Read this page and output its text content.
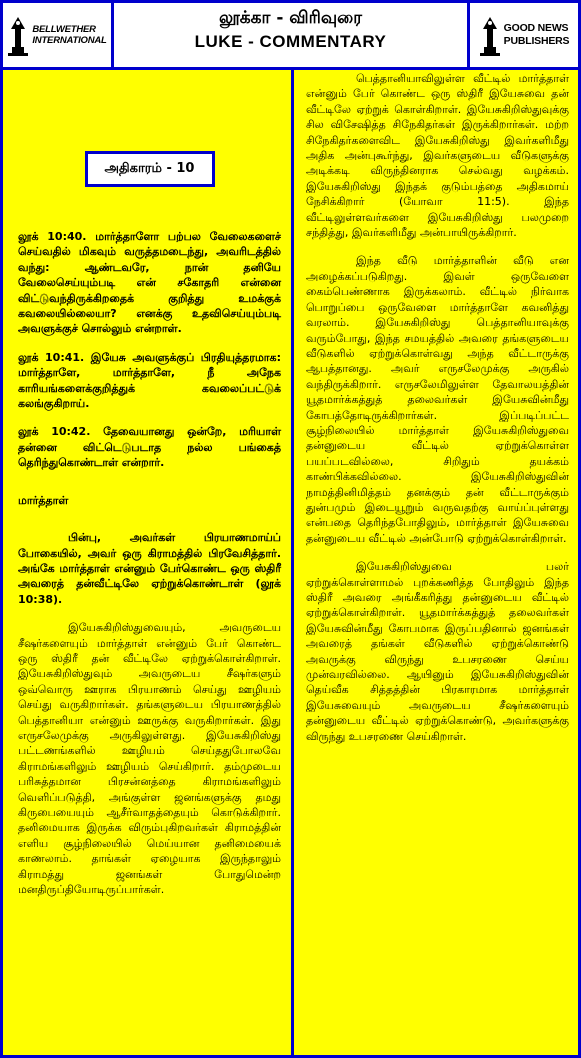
BELLWETHER
INTERNATIONAL
லூக்கா - விரிவுரை
LUKE - COMMENTARY
GOOD NEWS
PUBLISHERS
அதிகாரம் - 10

லூக் 10:40. மார்த்தாளோ பற்பல வேலைகளைச் செய்வதில் மிகவும் வருத்தமடைந்து, அவரிடத்தில் வந்து: ஆண்டவரே, நான் தனியே வேலைசெய்யும்படி என் சகோதரி என்னை விட்டுவந்திருக்கிறதைக் குறித்து உமக்குக் கவலையில்லையா? எனக்கு உதவிசெய்யும்படி அவளுக்குச் சொல்லும் என்றாள்.

லூக் 10:41. இயேசு அவளுக்குப் பிரதியுத்தரமாக: மார்த்தாளே, மார்த்தாளே, நீ அநேக காரியங்களைக்குறித்துக் கவலைப்பட்டுக் கலங்குகிறாய்.

லூக் 10:42. தேவையானது ஒன்றே, மரியாள் தன்னை விட்டெடுபடாத நல்ல பங்கைத் தெரிந்துகொண்டாள் என்றார்.

மார்த்தாள்

பின்பு, அவர்கள் பிரயாணமாய்ப் போகையில், அவர் ஒரு கிராமத்தில் பிரவேசித்தார். அங்கே மார்த்தாள் என்னும் பேர்கொண்ட ஒரு ஸ்திரீ அவரைத் தன்வீட்டிலே ஏற்றுக்கொண்டாள் (லூக் 10:38).

இயேசுகிறிஸ்துவையும், அவருடைய சீஷர்களையும் மார்த்தாள் என்னும் பேர் கொண்ட ஒரு ஸ்திரீ தன் வீட்டிலே ஏற்றுக்கொள்கிறாள். இயேசுகிறிஸ்துவும் அவருடைய சீஷர்களும் ஒவ்வொரு ஊராக பிரயாணம் செய்து ஊழியம் செய்து வருகிறார்கள். தங்களுடைய பிரயாணத்தில் பெத்தானியா என்னும் ஊருக்கு வருகிறார்கள். இது எருசலேமுக்கு அருகிலுள்ளது. இயேசுகிறிஸ்து பட்டணங்களில் ஊழியம் செய்ததுபோலவே கிராமங்களிலும் ஊழியம் செய்கிறார். தம்முடைய பரிசுத்தமான பிரசன்னத்தை கிராமங்களிலும் வெளிப்படுத்தி, அங்குள்ள ஜனங்களுக்கு தமது கிருபையையும் ஆசீர்வாதத்தையும் கொடுக்கிறார். தனிமையாக இருக்க விரும்புகிறவர்கள் கிராமத்தின் எளிய சூழ்நிலையில் மெய்யான தனிமையைக் காணலாம். தாங்கள் ஏழையாக இருந்தாலும் கிராமத்து ஜனங்கள் போதுமென்ற மனதிருப்தியோடிருப்பார்கள்.

பெத்தானியாவிலுள்ள வீட்டில் மார்த்தாள் என்னும் பேர் கொண்ட ஒரு ஸ்திரீ இயேசுவை தன் வீட்டிலே ஏற்றுக் கொள்கிறாள். இயேசுகிறிஸ்துவுக்கு சில விசேஷித்த சிநேகிதர்கள் இருக்கிறார்கள். மற்ற சிநேகிதர்களைவிட இயேசுகிறிஸ்து இவர்களிமீது அதிக அன்புகூர்ந்து, இவர்களுடைய வீடுகளுக்கு அடிக்கடி விருந்தினராக செல்வது வழக்கம். இயேசுகிறிஸ்து இந்தக் குடும்பத்தை அதிகமாய் நேசிக்கிறார் (யோவா 11:5). இந்த வீட்டிலுள்ளவர்களை இயேசுகிறிஸ்து பலமுறை சந்தித்து, இவர்களிமீது அன்பாயிருக்கிறார்.

இந்த வீடு மார்த்தாளின் வீடு என அழைக்கப்படுகிறது. இவள் ஒருவேளை கைம்பெண்ணாக இருக்கலாம். வீட்டில் நிர்வாக பொறுப்பை ஒருவேளை மார்த்தாளே கவனித்து வரலாம். இயேசுகிறிஸ்து பெத்தானியாவுக்கு வரும்போது, இந்த சமயத்தில் அவரை தங்களுடைய வீடுகளில் ஏற்றுக்கொள்வது அந்த வீட்டாருக்கு ஆபத்தானது. அவர் எருசலேமுக்கு அருகில் வந்திருக்கிறார். எருசலேமிலுள்ள தேவாலயத்தின் யூதமார்க்கத்துத் தலைவர்கள் இயேசுவின்மீது கோபத்தோடிருக்கிறார்கள். இப்படிப்பட்ட சூழ்நிலையில் மார்த்தாள் இயேசுகிறிஸ்துவை தன்னுடைய வீட்டில் ஏற்றுக்கொள்ள பயப்படவில்லை, சிறிதும் தயக்கம் காண்பிக்கவில்லை. இயேசுகிறிஸ்துவின் நாமத்தினிமித்தம் தனக்கும் தன் வீட்டாருக்கும் துன்பமும் இடையூறும் வருவதற்கு வாய்ப்புள்ளது என்பதை தெரிந்தபோதிலும், மார்த்தாள் இயேசுவை தன்னுடைய வீட்டில் அன்போடு ஏற்றுக்கொள்கிறாள்.

இயேசுகிறிஸ்துவை பலர் ஏற்றுக்கொள்ளாமல் புறக்கணித்த போதிலும் இந்த ஸ்திரீ அவரை அங்கீகரித்து தன்னுடைய வீட்டில் ஏற்றுக்கொள்கிறாள். யூதமார்க்கத்துத் தலைவர்கள் இயேசுவின்மீது கோபமாக இருப்பதினால் ஜனங்கள் அவரைத் தங்கள் வீடுகளில் ஏற்றுக்கொண்டு அவருக்கு விருந்து உபசரணை செய்ய முன்வரவில்லை. ஆயினும் இயேசுகிறிஸ்துவின் தெய்வீக சித்தத்தின் பிரகாரமாக மார்த்தாள் இயேசுவையும் அவருடைய சீஷர்களையும் தன்னுடைய வீட்டில் ஏற்றுக்கொண்டு, அவர்களுக்கு விருந்து உபசரணை செய்கிறாள்.
